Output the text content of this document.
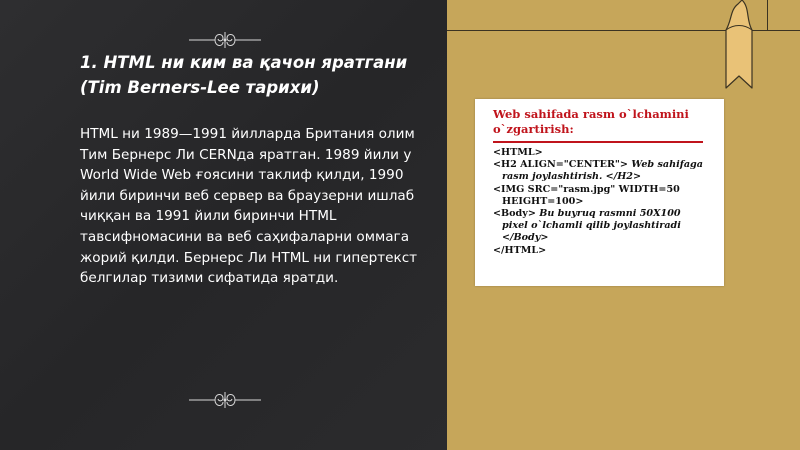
1. HTML ни ким ва қачон яратгани (Tim Berners-Lee тарихи)

HTML ни 1989—1991 йилларда Британия олим Тим Бернерс Ли CERNда яратган. 1989 йили у World Wide Web ғоясини таклиф қилди, 1990 йили биринчи веб сервер ва браузерни ишлаб чиққан ва 1991 йили биринчи HTML тавсифномасини ва веб саҳифаларни оммага жорий қилди. Бернерс Ли HTML ни гипертекст белгилар тизими сифатида яратди.

Web sahifada rasm o`lchamini o`zgartirish:

<HTML>
<H2 ALIGN="CENTER"> Web sahifaga
rasm joylashtirish. </H2>
<IMG SRC="rasm.jpg" WIDTH=50
HEIGHT=100>
<Body> Bu buyruq rasmni 50X100
pixel o`lchamli qilib joylashtiradi
</Body>
</HTML>
